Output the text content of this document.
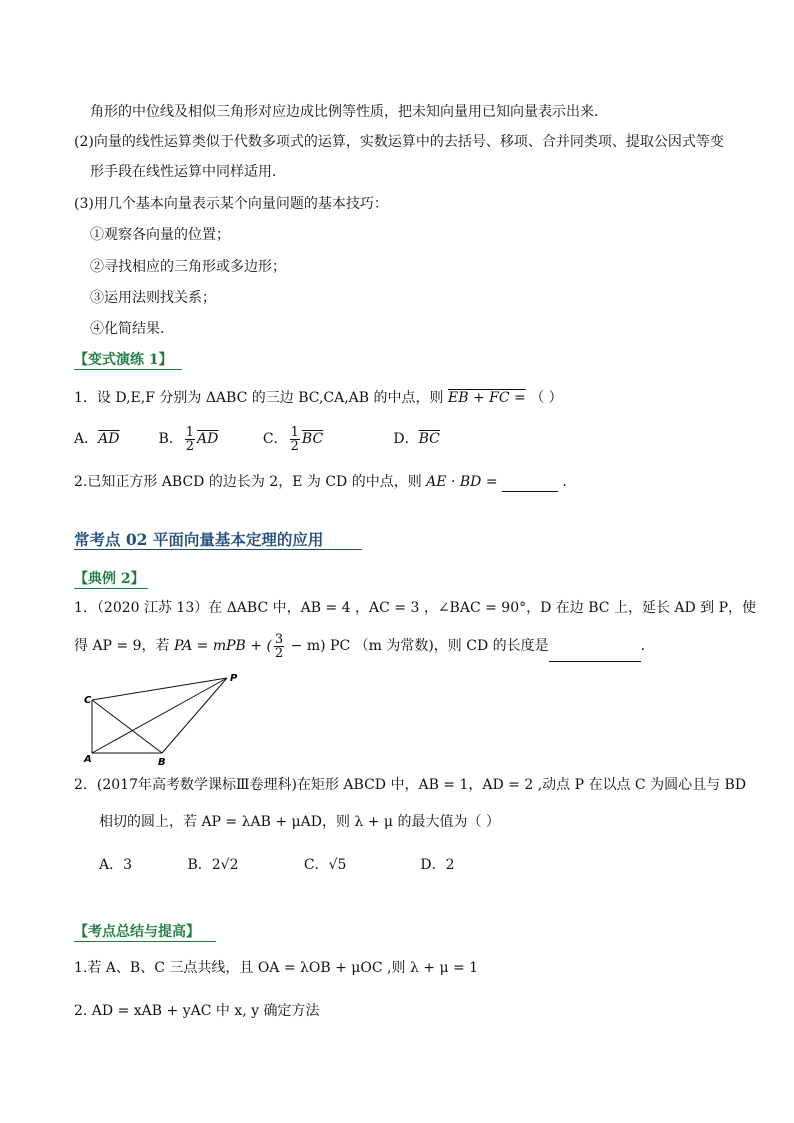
角形的中位线及相似三角形对应边成比例等性质，把未知向量用已知向量表示出来．
(2)向量的线性运算类似于代数多项式的运算，实数运算中的去括号、移项、合并同类项、提取公因式等变
形手段在线性运算中同样适用．
(3)用几个基本向量表示某个向量问题的基本技巧：
①观察各向量的位置；
②寻找相应的三角形或多边形；
③运用法则找关系；
④化简结果.
【变式演练 1】
1．设 D,E,F 分别为 ΔABC 的三边 BC,CA,AB 的中点，则 EB + FC = （ ）
A．$\overline{AD}$	B． $\frac{1}{2} \overline{AD}$	C． $\frac{1}{2} \overline{BC}$	D．$\overline{BC}$
2.已知正方形 ABCD 的边长为 2，E 为 CD 的中点，则 AE · BD =	．
常考点 02 平面向量基本定理的应用
【典例 2】
1．（2020 江苏 13）在 ΔABC 中，AB = 4 ，AC = 3 ，∠BAC = 90°，D 在边 BC 上，延长 AD 到 P，使
得 AP = 9，若 PA = mPB + ( $\frac{3}{2} - m$) PC （m 为常数)，则 CD 的长度是	．
C
P
A	B
2．(2017年高考数学课标Ⅲ卷理科)在矩形 ABCD 中，AB = 1，AD = 2 ,动点 P 在以点 C 为圆心且与 BD
相切的圆上，若 AP = λAB + μAD，则 λ + μ 的最大值为（ ）
A．3	B．2√2	C．√5	D．2
【考点总结与提高】
1.若 A、B、C 三点共线，且 OA = λOB + μOC ,则 λ + μ = 1
2. AD = xAB + yAC 中 x, y 确定方法
